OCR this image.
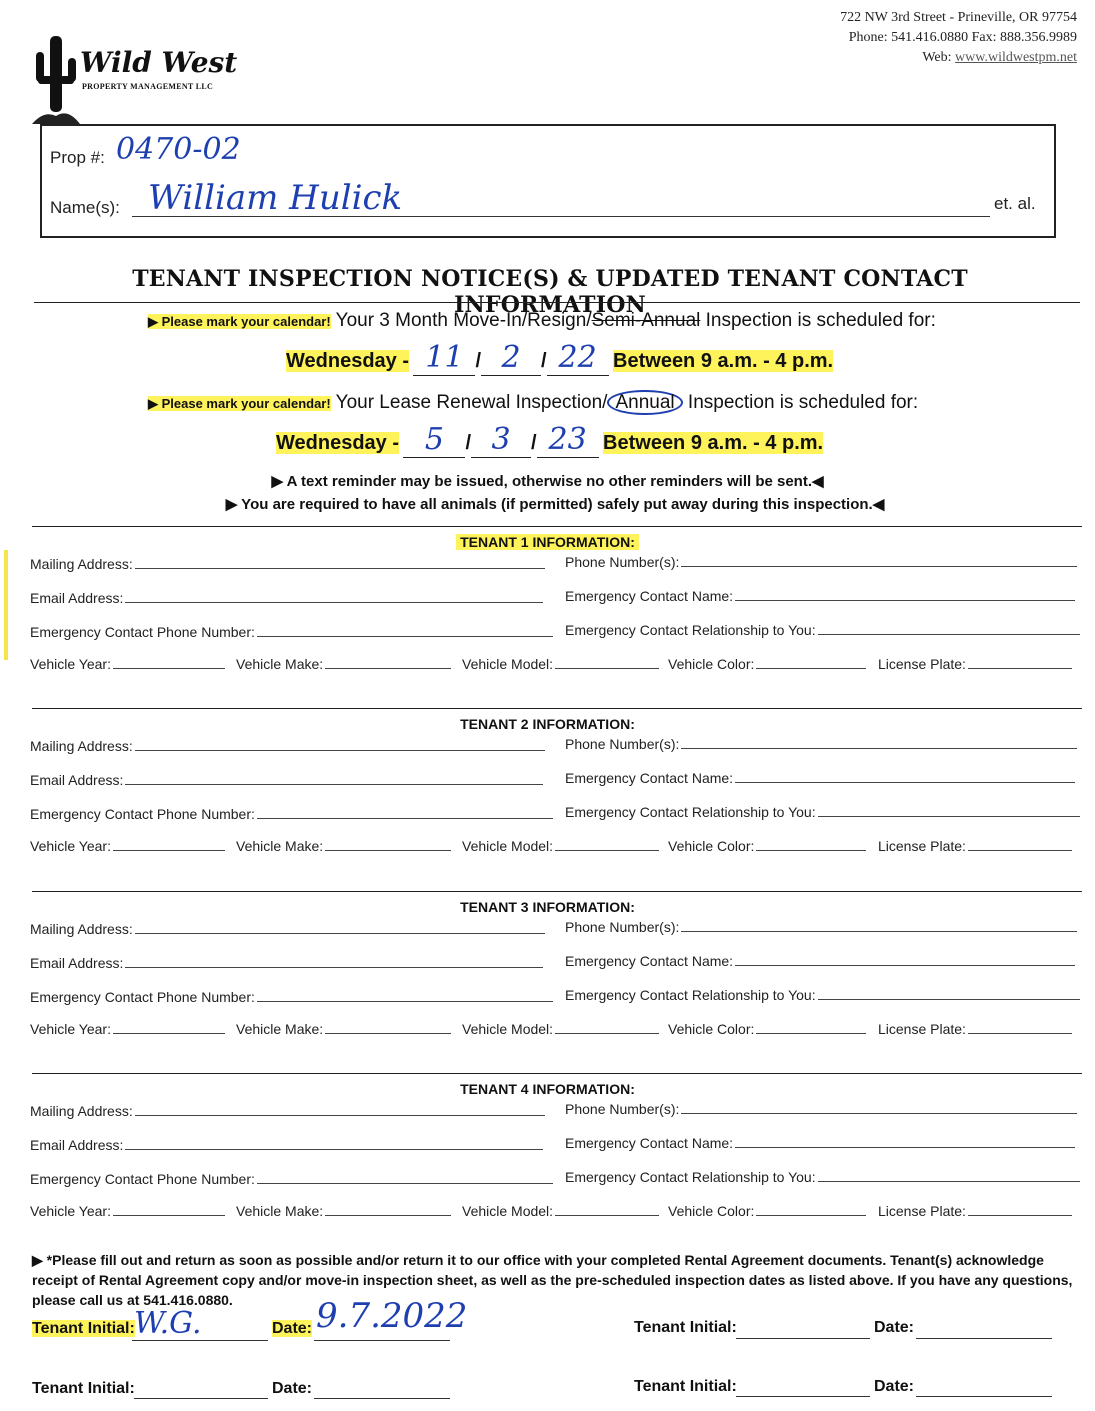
722 NW 3rd Street - Prineville, OR 97754
Phone: 541.416.0880 Fax: 888.356.9989
Web: www.wildwestpm.net
Wild West
PROPERTY MANAGEMENT LLC
Prop #: 0470-02
Name(s): William Hulick	et. al.
TENANT INSPECTION NOTICE(S) & UPDATED TENANT CONTACT INFORMATION
▶ Please mark your calendar! Your 3 Month Move-In/Resign/Semi-Annual Inspection is scheduled for:
Wednesday - 11 / 2 / 22 Between 9 a.m. - 4 p.m.
▶ Please mark your calendar! Your Lease Renewal Inspection/ Annual Inspection is scheduled for:
Wednesday - 5 / 3 / 23 Between 9 a.m. - 4 p.m.
▶ A text reminder may be issued, otherwise no other reminders will be sent.◀
▶ You are required to have all animals (if permitted) safely put away during this inspection.◀
TENANT 1 INFORMATION:
Mailing Address:	Phone Number(s):
Email Address:	Emergency Contact Name:
Emergency Contact Phone Number:	Emergency Contact Relationship to You:
Vehicle Year:	Vehicle Make:	Vehicle Model:	Vehicle Color:	License Plate:
TENANT 2 INFORMATION:
Mailing Address:	Phone Number(s):
Email Address:	Emergency Contact Name:
Emergency Contact Phone Number:	Emergency Contact Relationship to You:
Vehicle Year:	Vehicle Make:	Vehicle Model:	Vehicle Color:	License Plate:
TENANT 3 INFORMATION:
Mailing Address:	Phone Number(s):
Email Address:	Emergency Contact Name:
Emergency Contact Phone Number:	Emergency Contact Relationship to You:
Vehicle Year:	Vehicle Make:	Vehicle Model:	Vehicle Color:	License Plate:
TENANT 4 INFORMATION:
Mailing Address:	Phone Number(s):
Email Address:	Emergency Contact Name:
Emergency Contact Phone Number:	Emergency Contact Relationship to You:
Vehicle Year:	Vehicle Make:	Vehicle Model:	Vehicle Color:	License Plate:
▶ *Please fill out and return as soon as possible and/or return it to our office with your completed Rental Agreement documents. Tenant(s) acknowledge receipt of Rental Agreement copy and/or move-in inspection sheet, as well as the pre-scheduled inspection dates as listed above. If you have any questions, please call us at 541.416.0880.
Tenant Initial: W.G.	Date: 9.7.2022	Tenant Initial:	Date:
Tenant Initial:	Date:	Tenant Initial:	Date:
